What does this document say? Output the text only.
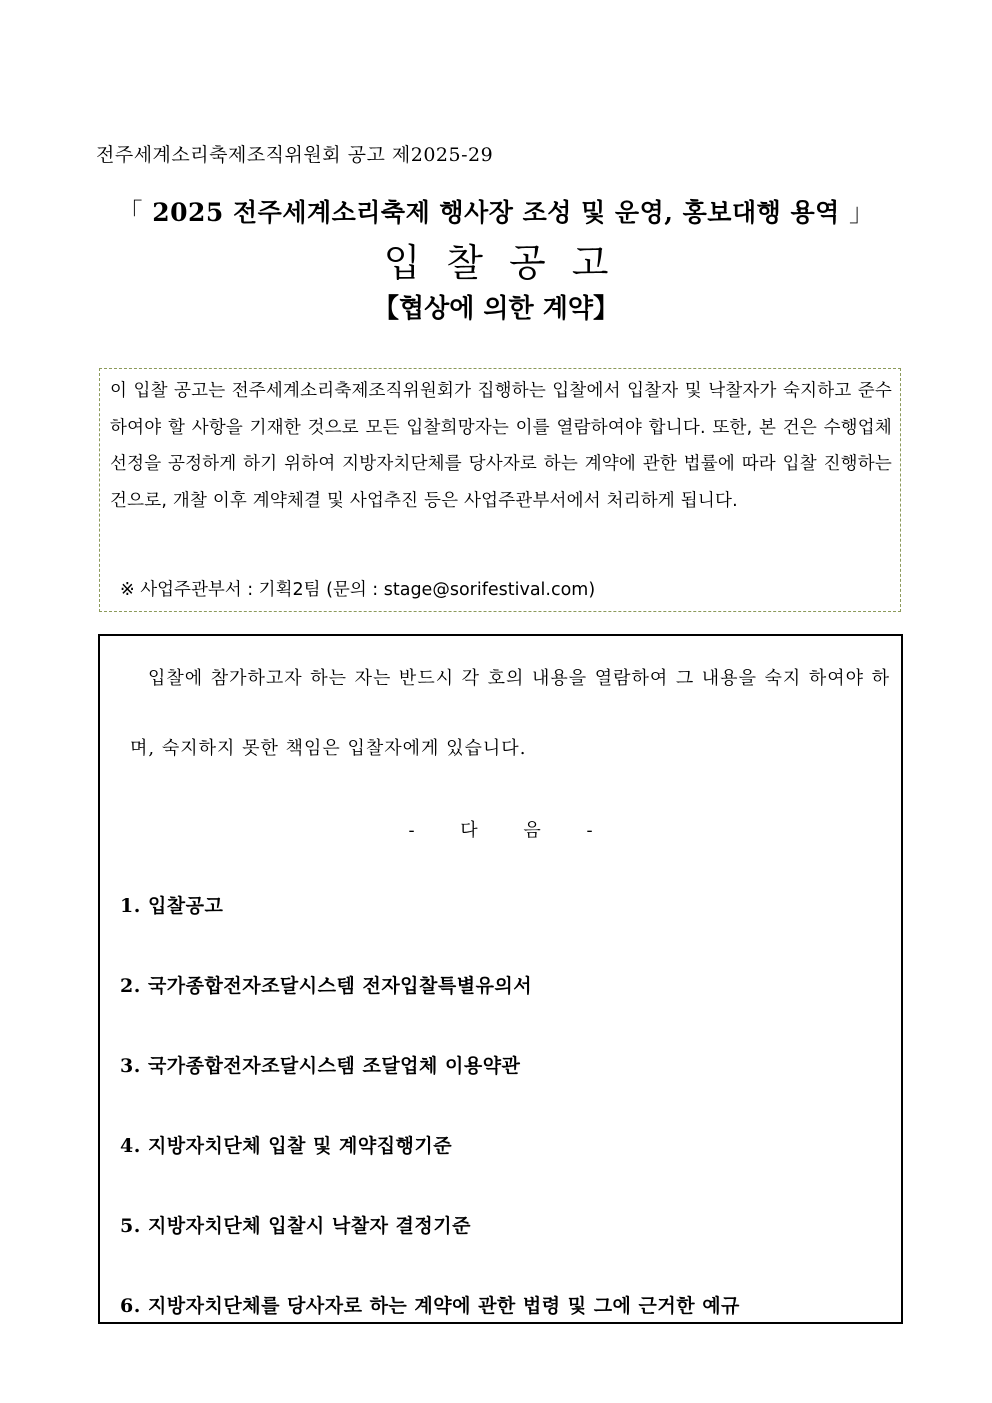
전주세계소리축제조직위원회 공고 제2025-29
「 2025 전주세계소리축제 행사장 조성 및 운영, 홍보대행 용역 」
입찰공고
【협상에 의한 계약】

이 입찰 공고는 전주세계소리축제조직위원회가 집행하는 입찰에서 입찰자 및 낙찰자가 숙지하고 준수하여야 할 사항을 기재한 것으로 모든 입찰희망자는 이를 열람하여야 합니다. 또한, 본 건은 수행업체 선정을 공정하게 하기 위하여 지방자치단체를 당사자로 하는 계약에 관한 법률에 따라 입찰 진행하는 건으로, 개찰 이후 계약체결 및 사업추진 등은 사업주관부서에서 처리하게 됩니다.

※ 사업주관부서 : 기획2팀 (문의 : stage@sorifestival.com)
입찰에 참가하고자 하는 자는 반드시 각 호의 내용을 열람하여 그 내용을 숙지 하여야 하며, 숙지하지 못한 책임은 입찰자에게 있습니다.
- 다 음 -
1. 입찰공고
2. 국가종합전자조달시스템 전자입찰특별유의서
3. 국가종합전자조달시스템 조달업체 이용약관
4. 지방자치단체 입찰 및 계약집행기준
5. 지방자치단체 입찰시 낙찰자 결정기준
6. 지방자치단체를 당사자로 하는 계약에 관한 법령 및 그에 근거한 예규
